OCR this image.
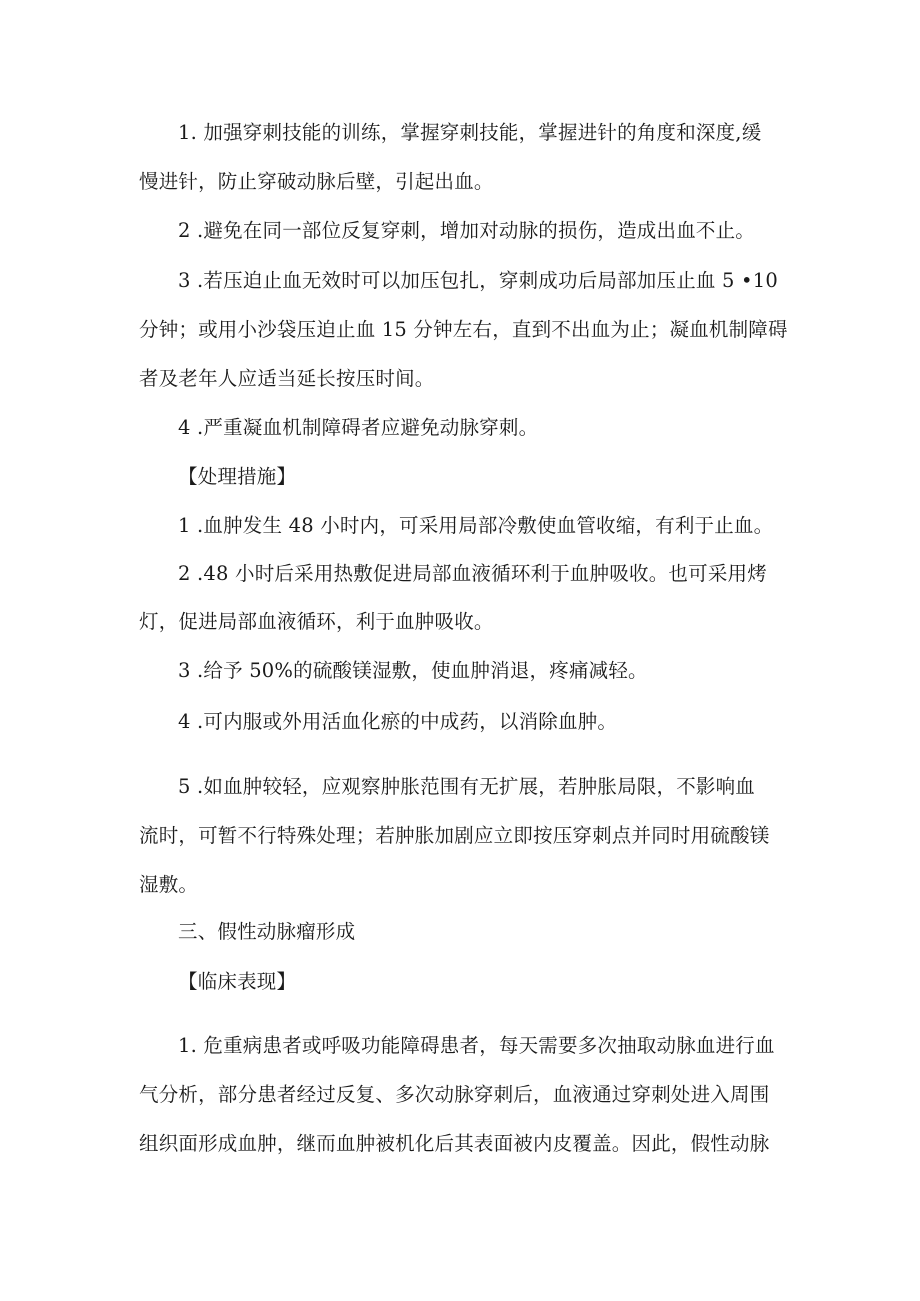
1. 加强穿刺技能的训练，掌握穿刺技能，掌握进针的角度和深度,缓
慢进针，防止穿破动脉后壁，引起出血。
2 .避免在同一部位反复穿刺，增加对动脉的损伤，造成出血不止。
3 .若压迫止血无效时可以加压包扎，穿刺成功后局部加压止血 5 •10
分钟；或用小沙袋压迫止血 15 分钟左右，直到不出血为止；凝血机制障碍
者及老年人应适当延长按压时间。
4 .严重凝血机制障碍者应避免动脉穿刺。
【处理措施】
1 .血肿发生 48 小时内，可采用局部冷敷使血管收缩，有利于止血。
2 .48 小时后采用热敷促进局部血液循环利于血肿吸收。也可采用烤
灯，促进局部血液循环，利于血肿吸收。
3 .给予 50%的硫酸镁湿敷，使血肿消退，疼痛减轻。
4 .可内服或外用活血化瘀的中成药，以消除血肿。
5 .如血肿较轻，应观察肿胀范围有无扩展，若肿胀局限，不影响血
流时，可暂不行特殊处理；若肿胀加剧应立即按压穿刺点并同时用硫酸镁
湿敷。
三、假性动脉瘤形成
【临床表现】
1. 危重病患者或呼吸功能障碍患者，每天需要多次抽取动脉血进行血
气分析，部分患者经过反复、多次动脉穿刺后，血液通过穿刺处进入周围
组织面形成血肿，继而血肿被机化后其表面被内皮覆盖。因此，假性动脉
